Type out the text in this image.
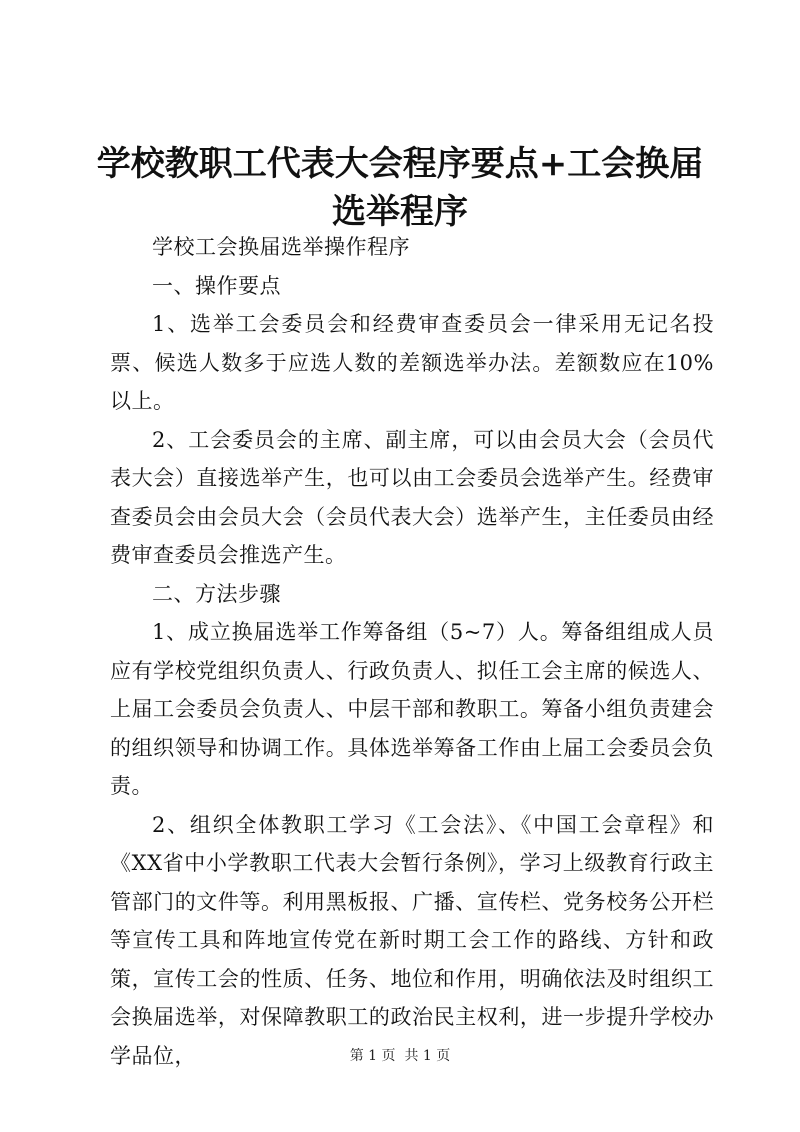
学校教职工代表大会程序要点+工会换届选举程序

学校工会换届选举操作程序

一、操作要点

1、选举工会委员会和经费审查委员会一律采用无记名投票、候选人数多于应选人数的差额选举办法。差额数应在10%以上。

2、工会委员会的主席、副主席，可以由会员大会（会员代表大会）直接选举产生，也可以由工会委员会选举产生。经费审查委员会由会员大会（会员代表大会）选举产生，主任委员由经费审查委员会推选产生。

二、方法步骤

1、成立换届选举工作筹备组（5~7）人。筹备组组成人员应有学校党组织负责人、行政负责人、拟任工会主席的候选人、上届工会委员会负责人、中层干部和教职工。筹备小组负责建会的组织领导和协调工作。具体选举筹备工作由上届工会委员会负责。

2、组织全体教职工学习《工会法》、《中国工会章程》和《XX省中小学教职工代表大会暂行条例》，学习上级教育行政主管部门的文件等。利用黑板报、广播、宣传栏、党务校务公开栏等宣传工具和阵地宣传党在新时期工会工作的路线、方针和政策，宣传工会的性质、任务、地位和作用，明确依法及时组织工会换届选举，对保障教职工的政治民主权利，进一步提升学校办学品位，	第 1 页  共 1 页
